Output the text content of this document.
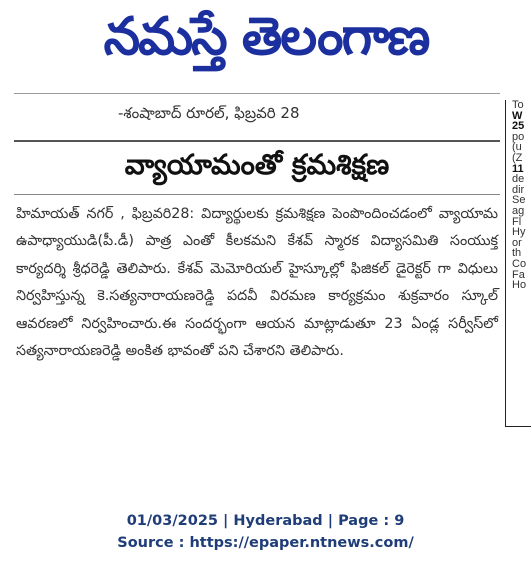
నమస్తే తెలంగాణ
-శంషాబాద్ రూరల్, ఫిబ్రవరి 28
వ్యాయామంతో క్రమశిక్షణ
హిమాయత్ నగర్ , ఫిబ్రవరి28: విద్యార్థులకు క్రమశిక్షణ పెంపొందించడంలో వ్యాయామ ఉపాధ్యాయుడి(పీ.డీ) పాత్ర ఎంతో కీలకమని కేశవ్ స్మారక విద్యాసమితి సంయుక్త కార్యదర్శి శ్రీధరెడ్డి తెలిపారు. కేశవ్ మెమోరియల్ హైస్కూల్లో ఫిజికల్ డైరెక్టర్ గా విధులు నిర్వహిస్తున్న కె.సత్యనారాయణరెడ్డి పదవీ విరమణ కార్యక్రమం శుక్రవారం స్కూల్ ఆవరణలో నిర్వహించారు.ఈ సందర్భంగా ఆయన మాట్లాడుతూ 23 ఏండ్ల సర్వీస్‌లో సత్యనారాయణరెడ్డి అంకిత భావంతో పని చేశారని తెలిపారు.
To
W
25
po
(u
(Z
11
de
dir
Se
ag
Fl
Hy
or
th
Co
Fa
Ho
01/03/2025 | Hyderabad | Page : 9
Source : https://epaper.ntnews.com/
